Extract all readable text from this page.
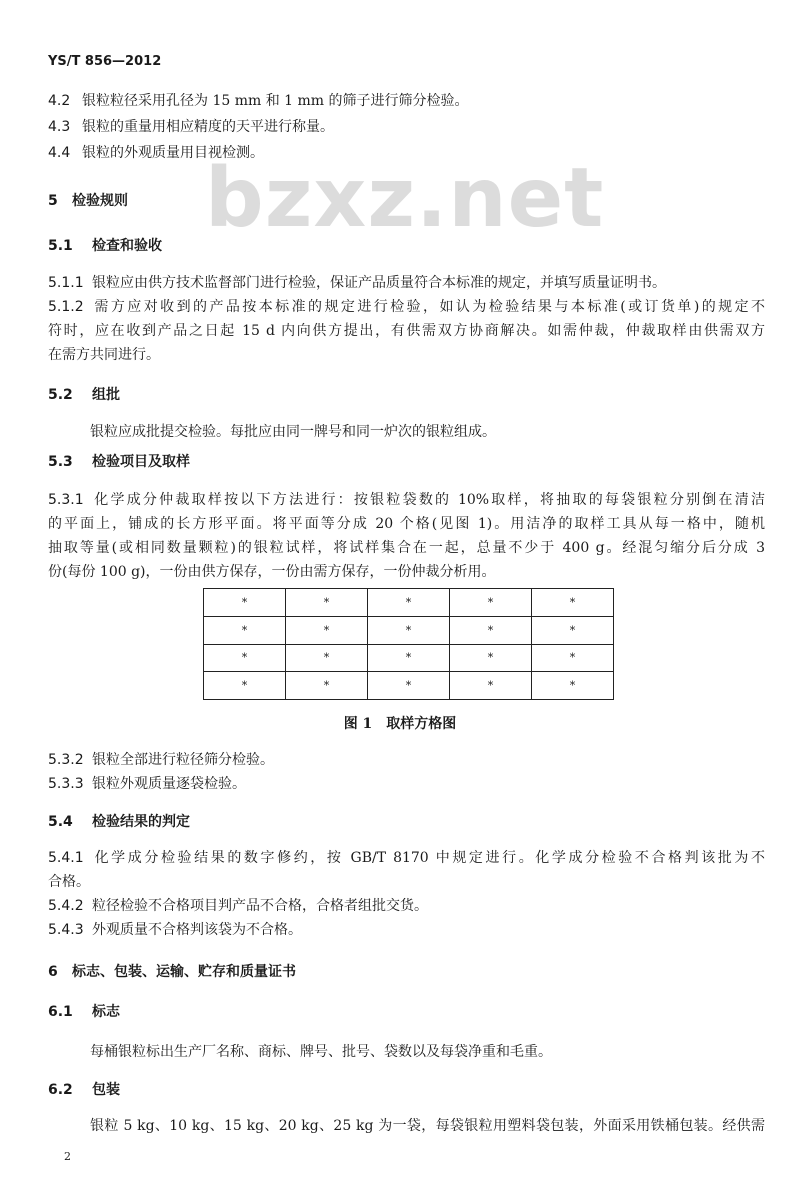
YS/T 856—2012
bzxz.net
4.2 银粒粒径采用孔径为 15 mm 和 1 mm 的筛子进行筛分检验。
4.3 银粒的重量用相应精度的天平进行称量。
4.4 银粒的外观质量用目视检测。
5 检验规则
5.1 检查和验收
5.1.1 银粒应由供方技术监督部门进行检验，保证产品质量符合本标准的规定，并填写质量证明书。
5.1.2 需方应对收到的产品按本标准的规定进行检验，如认为检验结果与本标准(或订货单)的规定不
符时，应在收到产品之日起 15 d 内向供方提出，有供需双方协商解决。如需仲裁，仲裁取样由供需双方
在需方共同进行。
5.2 组批
银粒应成批提交检验。每批应由同一牌号和同一炉次的银粒组成。
5.3 检验项目及取样
5.3.1 化学成分仲裁取样按以下方法进行：按银粒袋数的 10%取样，将抽取的每袋银粒分别倒在清洁
的平面上，铺成的长方形平面。将平面等分成 20 个格(见图 1)。用洁净的取样工具从每一格中，随机
抽取等量(或相同数量颗粒)的银粒试样，将试样集合在一起，总量不少于 400 g。经混匀缩分后分成 3
份(每份 100 g)，一份由供方保存，一份由需方保存，一份仲裁分析用。
*	*	*	*	*
*	*	*	*	*
*	*	*	*	*
*	*	*	*	*
图 1　取样方格图
5.3.2 银粒全部进行粒径筛分检验。
5.3.3 银粒外观质量逐袋检验。
5.4 检验结果的判定
5.4.1 化学成分检验结果的数字修约，按 GB/T 8170 中规定进行。化学成分检验不合格判该批为不
合格。
5.4.2 粒径检验不合格项目判产品不合格，合格者组批交货。
5.4.3 外观质量不合格判该袋为不合格。
6 标志、包装、运输、贮存和质量证书
6.1 标志
每桶银粒标出生产厂名称、商标、牌号、批号、袋数以及每袋净重和毛重。
6.2 包装
银粒 5 kg、10 kg、15 kg、20 kg、25 kg 为一袋，每袋银粒用塑料袋包装，外面采用铁桶包装。经供需
2
